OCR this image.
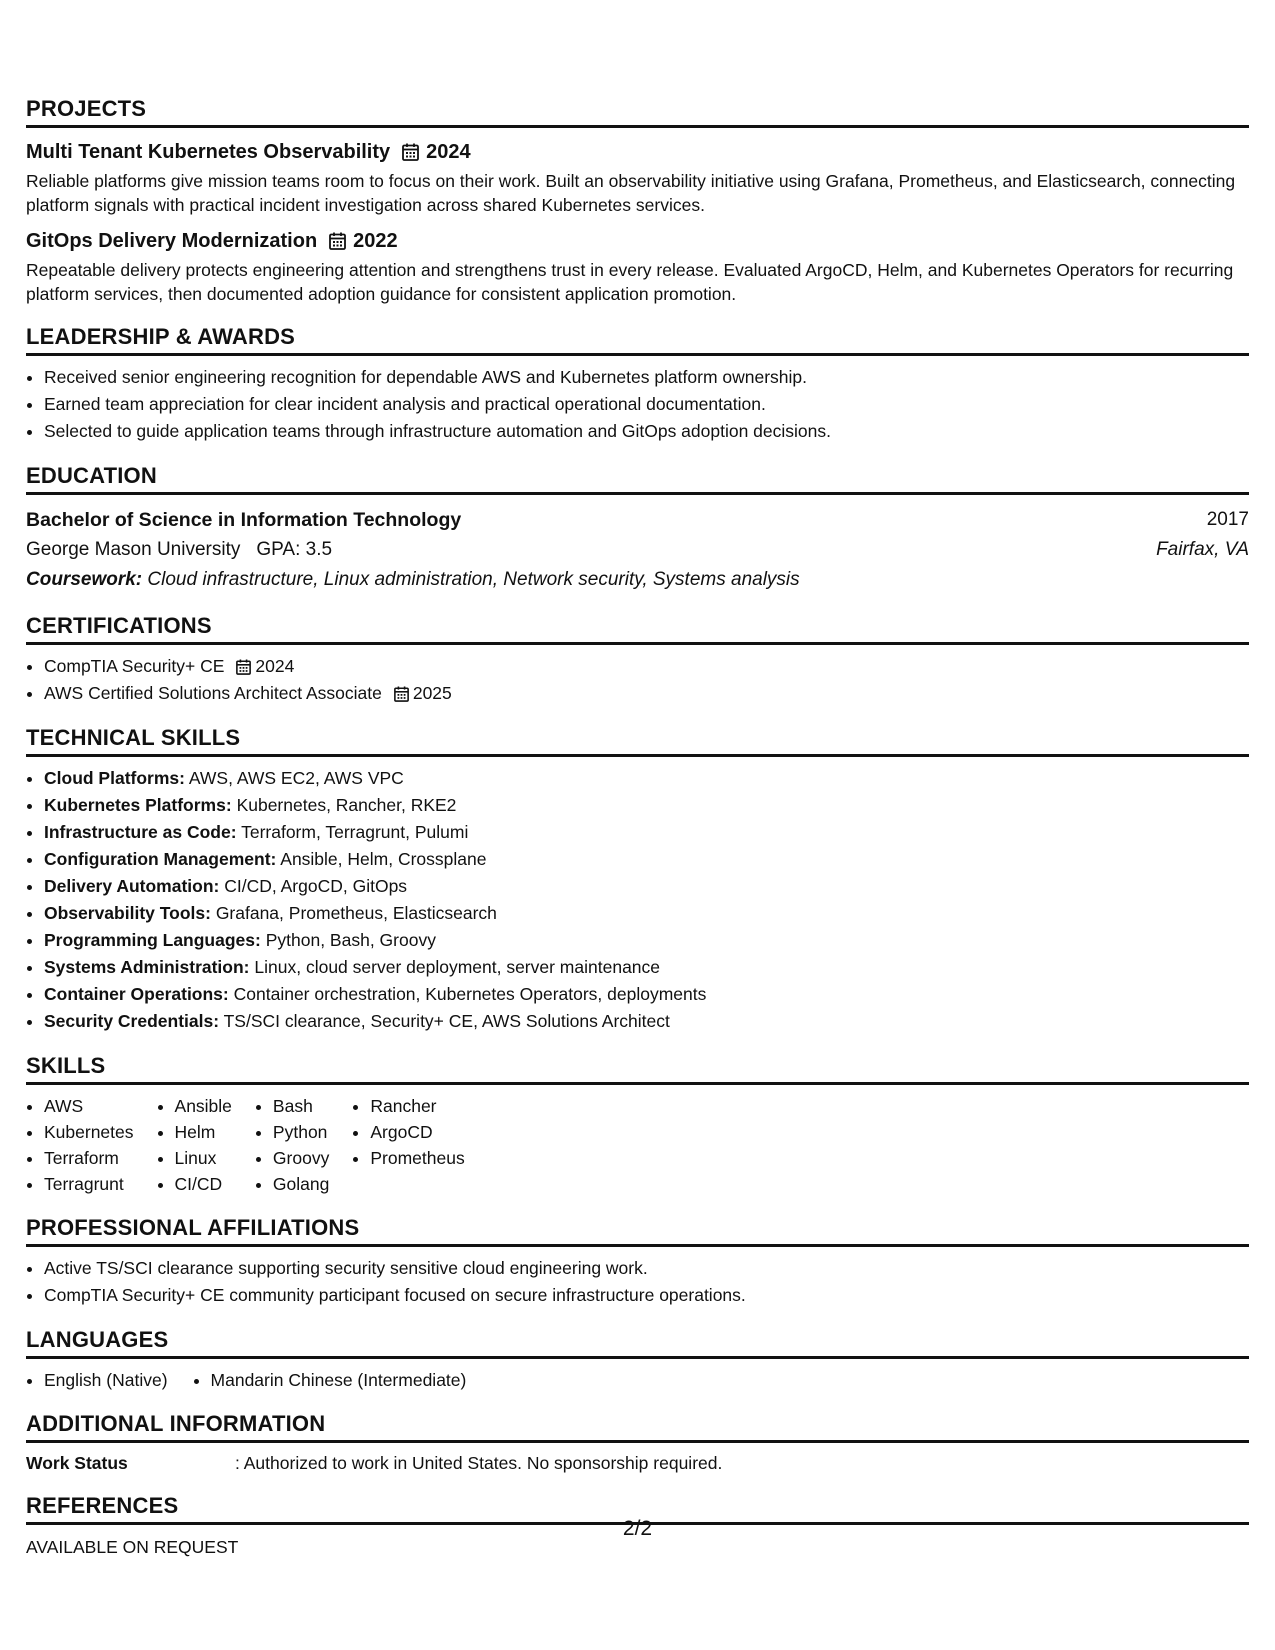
PROJECTS
Multi Tenant Kubernetes Observability 2024
Reliable platforms give mission teams room to focus on their work. Built an observability initiative using Grafana, Prometheus, and Elasticsearch, connecting platform signals with practical incident investigation across shared Kubernetes services.
GitOps Delivery Modernization 2022
Repeatable delivery protects engineering attention and strengthens trust in every release. Evaluated ArgoCD, Helm, and Kubernetes Operators for recurring platform services, then documented adoption guidance for consistent application promotion.
LEADERSHIP & AWARDS
• Received senior engineering recognition for dependable AWS and Kubernetes platform ownership.
• Earned team appreciation for clear incident analysis and practical operational documentation.
• Selected to guide application teams through infrastructure automation and GitOps adoption decisions.
EDUCATION
Bachelor of Science in Information Technology	2017
George Mason University GPA: 3.5	Fairfax, VA
Coursework: Cloud infrastructure, Linux administration, Network security, Systems analysis
CERTIFICATIONS
• CompTIA Security+ CE 2024
• AWS Certified Solutions Architect Associate 2025
TECHNICAL SKILLS
• Cloud Platforms: AWS, AWS EC2, AWS VPC
• Kubernetes Platforms: Kubernetes, Rancher, RKE2
• Infrastructure as Code: Terraform, Terragrunt, Pulumi
• Configuration Management: Ansible, Helm, Crossplane
• Delivery Automation: CI/CD, ArgoCD, GitOps
• Observability Tools: Grafana, Prometheus, Elasticsearch
• Programming Languages: Python, Bash, Groovy
• Systems Administration: Linux, cloud server deployment, server maintenance
• Container Operations: Container orchestration, Kubernetes Operators, deployments
• Security Credentials: TS/SCI clearance, Security+ CE, AWS Solutions Architect
SKILLS
• AWS
• Kubernetes
• Terraform
• Terragrunt
• Ansible
• Helm
• Linux
• CI/CD
• Bash
• Python
• Groovy
• Golang
• Rancher
• ArgoCD
• Prometheus
PROFESSIONAL AFFILIATIONS
• Active TS/SCI clearance supporting security sensitive cloud engineering work.
• CompTIA Security+ CE community participant focused on secure infrastructure operations.
LANGUAGES
• English (Native)
• Mandarin Chinese (Intermediate)
ADDITIONAL INFORMATION
Work Status	: Authorized to work in United States. No sponsorship required.
REFERENCES
AVAILABLE ON REQUEST
2/2
